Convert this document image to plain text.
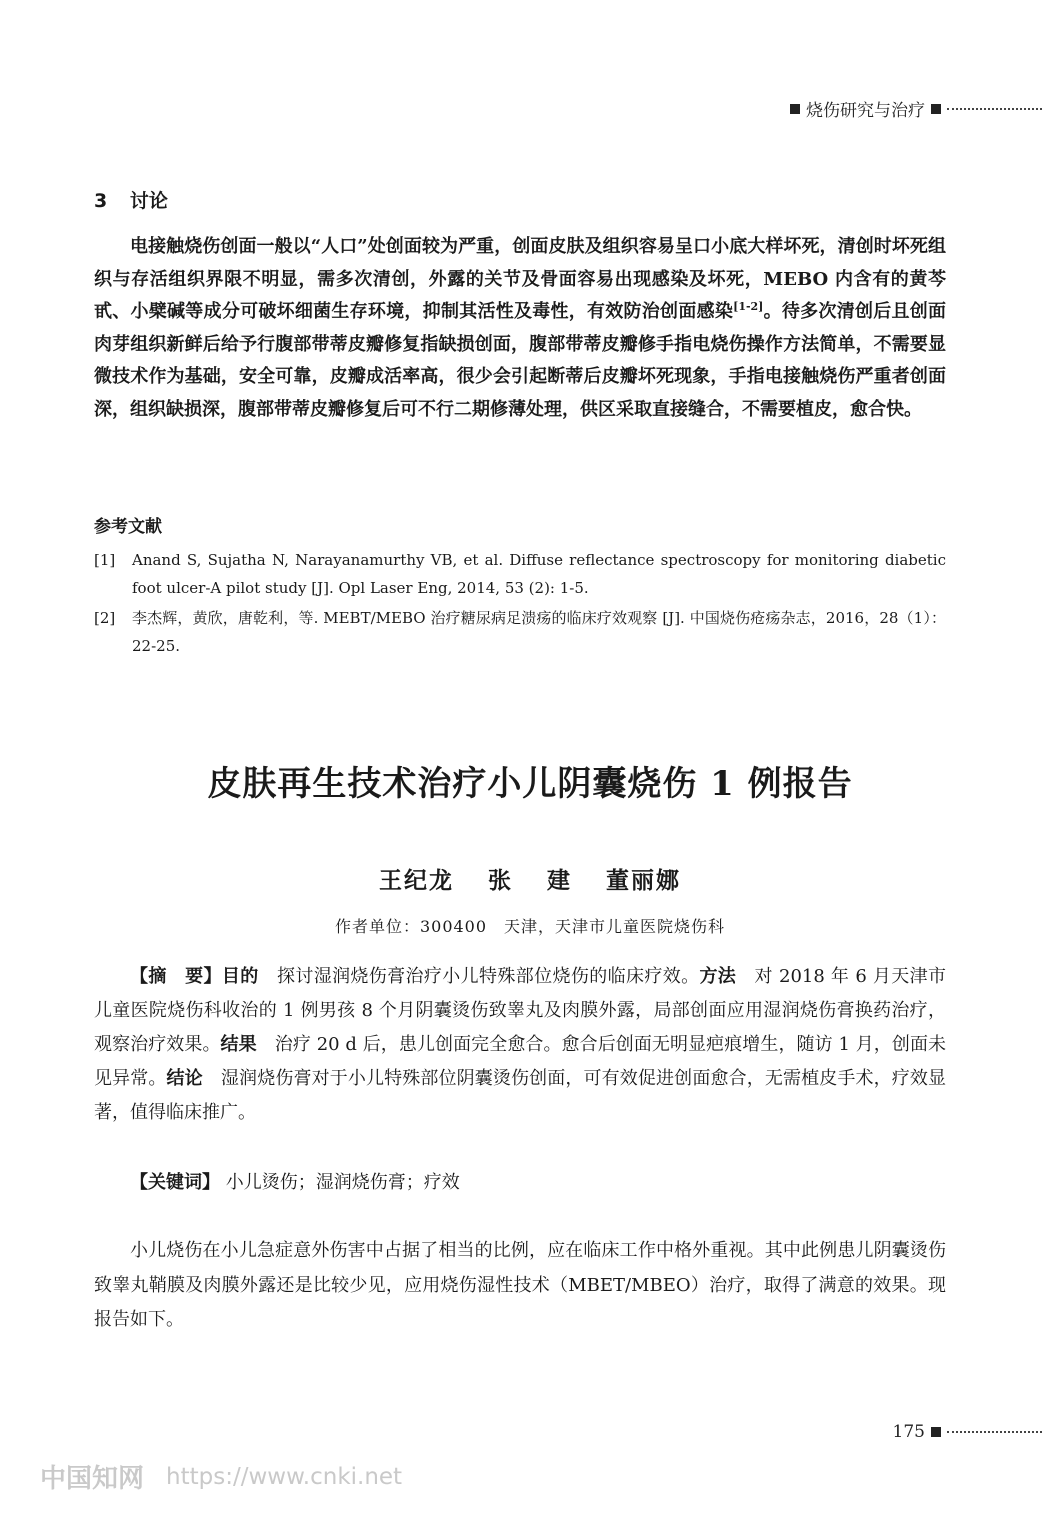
烧伤研究与治疗
3 讨论
电接触烧伤创面一般以“人口”处创面较为严重，创面皮肤及组织容易呈口小底大样坏死，清创时坏死组织与存活组织界限不明显，需多次清创，外露的关节及骨面容易出现感染及坏死，MEBO 内含有的黄芩甙、小檗碱等成分可破坏细菌生存环境，抑制其活性及毒性，有效防治创面感染[1-2]。待多次清创后且创面肉芽组织新鲜后给予行腹部带蒂皮瓣修复指缺损创面，腹部带蒂皮瓣修手指电烧伤操作方法简单，不需要显微技术作为基础，安全可靠，皮瓣成活率高，很少会引起断蒂后皮瓣坏死现象，手指电接触烧伤严重者创面深，组织缺损深，腹部带蒂皮瓣修复后可不行二期修薄处理，供区采取直接缝合，不需要植皮，愈合快。
参考文献
[1]	Anand S, Sujatha N, Narayanamurthy VB, et al. Diffuse reflectance spectroscopy for monitoring diabetic foot ulcer-A pilot study [J]. Opl Laser Eng, 2014, 53 (2): 1-5.
[2]	李杰辉，黄欣，唐乾利，等. MEBT/MEBO 治疗糖尿病足溃疡的临床疗效观察 [J]. 中国烧伤疮疡杂志，2016，28（1）：22-25.
皮肤再生技术治疗小儿阴囊烧伤 1 例报告
王纪龙 张 建 董丽娜
作者单位：300400　天津，天津市儿童医院烧伤科
【摘　要】目的　探讨湿润烧伤膏治疗小儿特殊部位烧伤的临床疗效。方法　对 2018 年 6 月天津市儿童医院烧伤科收治的 1 例男孩 8 个月阴囊烫伤致睾丸及肉膜外露，局部创面应用湿润烧伤膏换药治疗，观察治疗效果。结果　治疗 20 d 后，患儿创面完全愈合。愈合后创面无明显疤痕增生，随访 1 月，创面未见异常。结论　湿润烧伤膏对于小儿特殊部位阴囊烫伤创面，可有效促进创面愈合，无需植皮手术，疗效显著，值得临床推广。
【关键词】 小儿烫伤；湿润烧伤膏；疗效
小儿烧伤在小儿急症意外伤害中占据了相当的比例，应在临床工作中格外重视。其中此例患儿阴囊烫伤致睾丸鞘膜及肉膜外露还是比较少见，应用烧伤湿性技术（MBET/MBEO）治疗，取得了满意的效果。现报告如下。
175
中国知网 https://www.cnki.net
